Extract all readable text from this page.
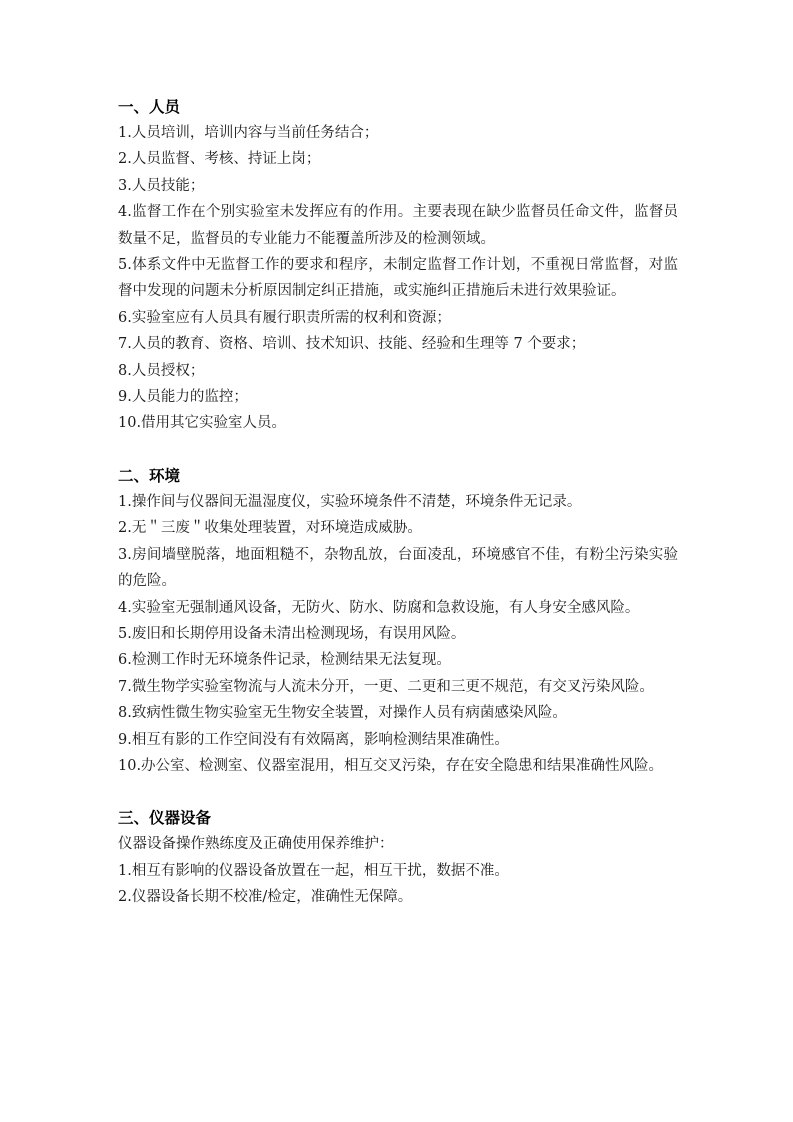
一、人员

1.人员培训，培训内容与当前任务结合；

2.人员监督、考核、持证上岗；

3.人员技能；

4.监督工作在个别实验室未发挥应有的作用。主要表现在缺少监督员任命文件，监督员数量不足，监督员的专业能力不能覆盖所涉及的检测领域。

5.体系文件中无监督工作的要求和程序，未制定监督工作计划，不重视日常监督，对监督中发现的问题未分析原因制定纠正措施，或实施纠正措施后未进行效果验证。

6.实验室应有人员具有履行职责所需的权利和资源；

7.人员的教育、资格、培训、技术知识、技能、经验和生理等 7 个要求；

8.人员授权；

9.人员能力的监控；

10.借用其它实验室人员。

二、环境

1.操作间与仪器间无温湿度仪，实验环境条件不清楚，环境条件无记录。

2.无＂三废＂收集处理装置，对环境造成威胁。

3.房间墙壁脱落，地面粗糙不，杂物乱放，台面凌乱，环境感官不佳，有粉尘污染实验的危险。

4.实验室无强制通风设备，无防火、防水、防腐和急救设施，有人身安全感风险。

5.废旧和长期停用设备未清出检测现场，有误用风险。

6.检测工作时无环境条件记录，检测结果无法复现。

7.微生物学实验室物流与人流未分开，一更、二更和三更不规范，有交叉污染风险。

8.致病性微生物实验室无生物安全装置，对操作人员有病菌感染风险。

9.相互有影的工作空间没有有效隔离，影响检测结果准确性。

10.办公室、检测室、仪器室混用，相互交叉污染，存在安全隐患和结果准确性风险。

三、仪器设备

仪器设备操作熟练度及正确使用保养维护：

1.相互有影响的仪器设备放置在一起，相互干扰，数据不准。

2.仪器设备长期不校准/检定，准确性无保障。
